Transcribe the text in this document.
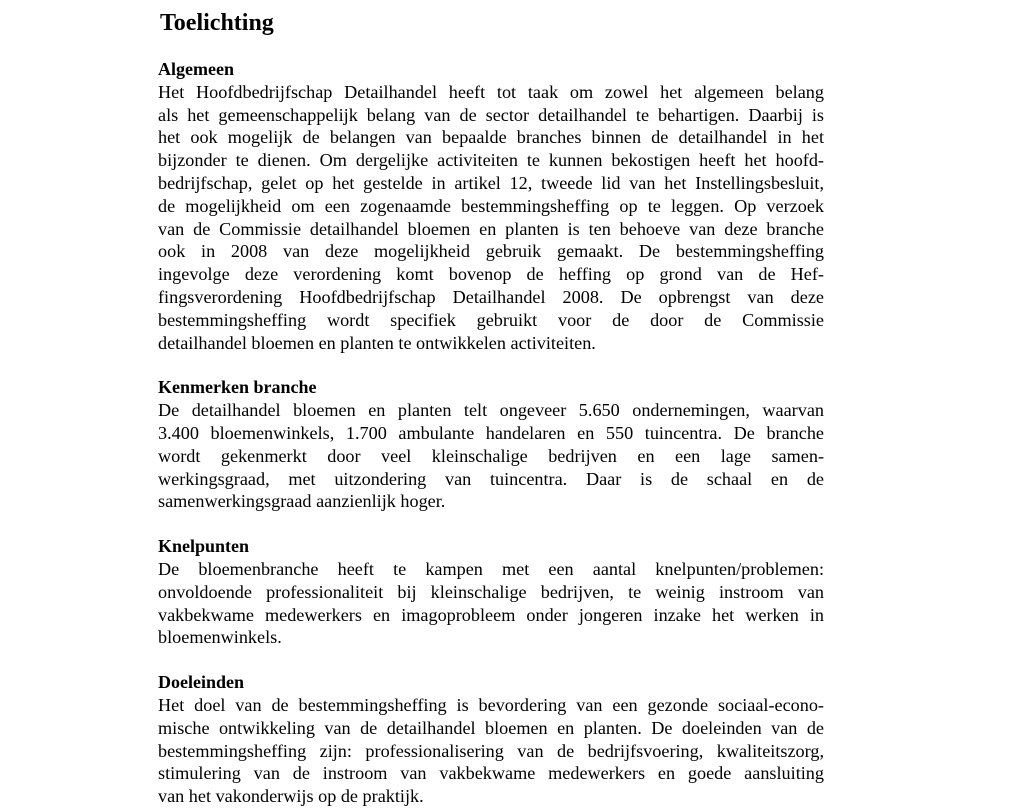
Toelichting
Algemeen
Het Hoofdbedrijfschap Detailhandel heeft tot taak om zowel het algemeen belang
als het gemeenschappelijk belang van de sector detailhandel te behartigen. Daarbij is
het ook mogelijk de belangen van bepaalde branches binnen de detailhandel in het
bijzonder te dienen. Om dergelijke activiteiten te kunnen bekostigen heeft het hoofd-
bedrijfschap, gelet op het gestelde in artikel 12, tweede lid van het Instellingsbesluit,
de mogelijkheid om een zogenaamde bestemmingsheffing op te leggen. Op verzoek
van de Commissie detailhandel bloemen en planten is ten behoeve van deze branche
ook in 2008 van deze mogelijkheid gebruik gemaakt. De bestemmingsheffing
ingevolge deze verordening komt bovenop de heffing op grond van de Hef-
fingsverordening Hoofdbedrijfschap Detailhandel 2008. De opbrengst van deze
bestemmingsheffing wordt specifiek gebruikt voor de door de Commissie
detailhandel bloemen en planten te ontwikkelen activiteiten.
Kenmerken branche
De detailhandel bloemen en planten telt ongeveer 5.650 ondernemingen, waarvan
3.400 bloemenwinkels, 1.700 ambulante handelaren en 550 tuincentra. De branche
wordt gekenmerkt door veel kleinschalige bedrijven en een lage samen-
werkingsgraad, met uitzondering van tuincentra. Daar is de schaal en de
samenwerkingsgraad aanzienlijk hoger.
Knelpunten
De bloemenbranche heeft te kampen met een aantal knelpunten/problemen:
onvoldoende professionaliteit bij kleinschalige bedrijven, te weinig instroom van
vakbekwame medewerkers en imagoprobleem onder jongeren inzake het werken in
bloemenwinkels.
Doeleinden
Het doel van de bestemmingsheffing is bevordering van een gezonde sociaal-econo-
mische ontwikkeling van de detailhandel bloemen en planten. De doeleinden van de
bestemmingsheffing zijn: professionalisering van de bedrijfsvoering, kwaliteitszorg,
stimulering van de instroom van vakbekwame medewerkers en goede aansluiting
van het vakonderwijs op de praktijk.
